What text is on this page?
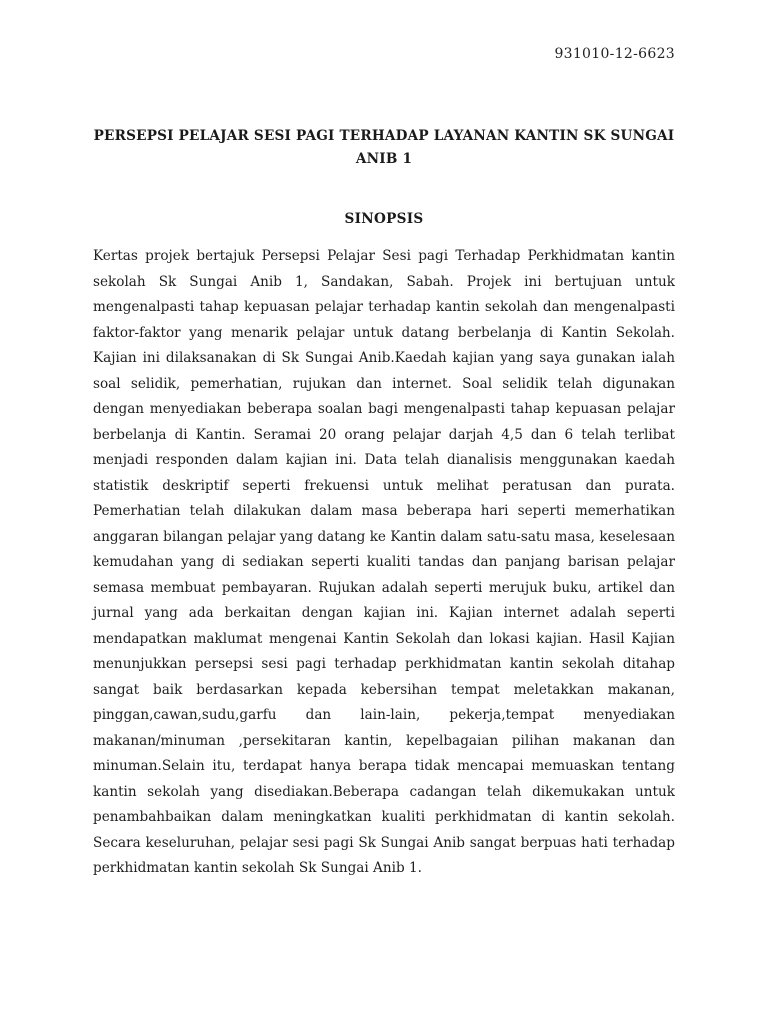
931010-12-6623
PERSEPSI PELAJAR SESI PAGI TERHADAP LAYANAN KANTIN SK SUNGAI ANIB 1
SINOPSIS

Kertas projek bertajuk Persepsi Pelajar Sesi pagi Terhadap Perkhidmatan kantin sekolah Sk Sungai Anib 1, Sandakan, Sabah. Projek ini bertujuan untuk mengenalpasti tahap kepuasan pelajar terhadap kantin sekolah dan mengenalpasti faktor-faktor yang menarik pelajar untuk datang berbelanja di Kantin Sekolah. Kajian ini dilaksanakan di Sk Sungai Anib.Kaedah kajian yang saya gunakan ialah soal selidik, pemerhatian, rujukan dan internet. Soal selidik telah digunakan dengan menyediakan beberapa soalan bagi mengenalpasti tahap kepuasan pelajar berbelanja di Kantin. Seramai 20 orang pelajar darjah 4,5 dan 6 telah terlibat menjadi responden dalam kajian ini. Data telah dianalisis menggunakan kaedah statistik deskriptif seperti frekuensi untuk melihat peratusan dan purata. Pemerhatian telah dilakukan dalam masa beberapa hari seperti memerhatikan anggaran bilangan pelajar yang datang ke Kantin dalam satu-satu masa, keselesaan kemudahan yang di sediakan seperti kualiti tandas dan panjang barisan pelajar semasa membuat pembayaran. Rujukan adalah seperti merujuk buku, artikel dan jurnal yang ada berkaitan dengan kajian ini. Kajian internet adalah seperti mendapatkan maklumat mengenai Kantin Sekolah dan lokasi kajian. Hasil Kajian menunjukkan persepsi sesi pagi terhadap perkhidmatan kantin sekolah ditahap sangat baik berdasarkan kepada kebersihan tempat meletakkan makanan, pinggan,cawan,sudu,garfu dan lain-lain, pekerja,tempat menyediakan makanan/minuman ,persekitaran kantin, kepelbagaian pilihan makanan dan minuman.Selain itu, terdapat hanya berapa tidak mencapai memuaskan tentang kantin sekolah yang disediakan.Beberapa cadangan telah dikemukakan untuk penambahbaikan dalam meningkatkan kualiti perkhidmatan di kantin sekolah. Secara keseluruhan, pelajar sesi pagi Sk Sungai Anib sangat berpuas hati terhadap perkhidmatan kantin sekolah Sk Sungai Anib 1.
